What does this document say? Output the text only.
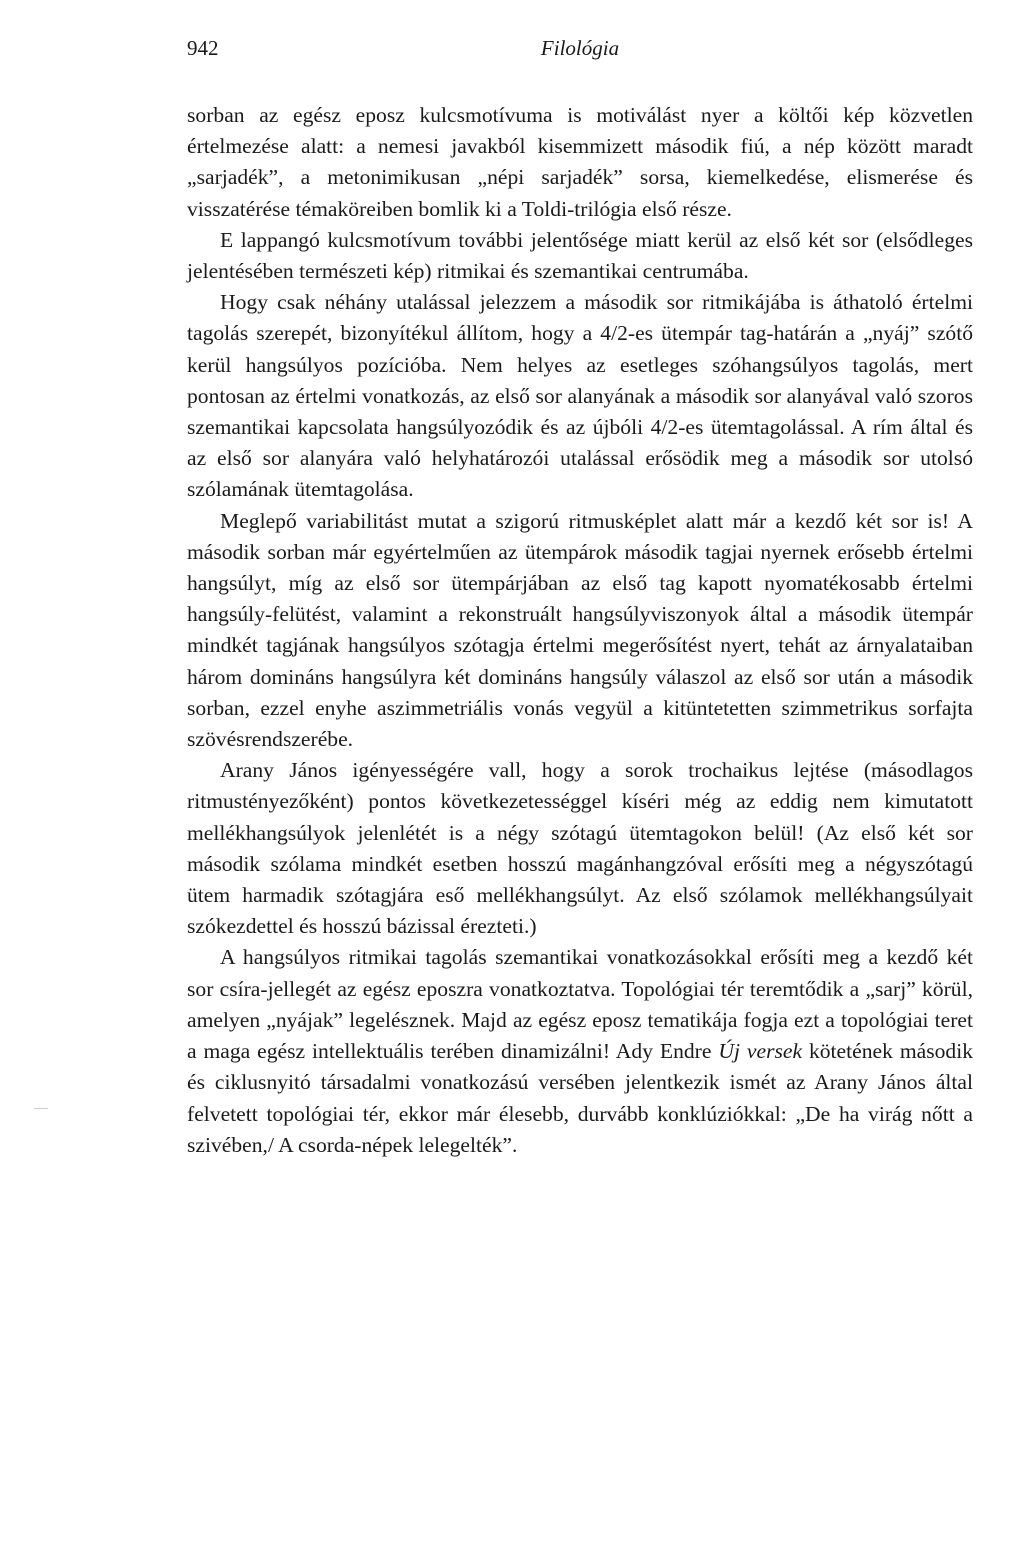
942	Filológia

sorban az egész eposz kulcsmotívuma is motiválást nyer a költői kép közvetlen értelmezése alatt: a nemesi javakból kisemmizett második fiú, a nép között maradt „sarjadék”, a metonimikusan „népi sarjadék” sorsa, kiemelkedése, elismerése és visszatérése témaköreiben bomlik ki a Toldi-trilógia első része.

E lappangó kulcsmotívum további jelentősége miatt kerül az első két sor (elsődleges jelentésében természeti kép) ritmikai és szemantikai centrumába.

Hogy csak néhány utalással jelezzem a második sor ritmikájába is áthatoló értelmi tagolás szerepét, bizonyítékul állítom, hogy a 4/2-es ütempár tag-határán a „nyáj” szótő kerül hangsúlyos pozícióba. Nem helyes az esetleges szóhangsúlyos tagolás, mert pontosan az értelmi vonatkozás, az első sor alanyának a második sor alanyával való szoros szemantikai kapcsolata hangsúlyozódik és az újbóli 4/2-es ütemtagolással. A rím által és az első sor alanyára való helyhatározói utalással erősödik meg a második sor utolsó szólamának ütemtagolása.

Meglepő variabilitást mutat a szigorú ritmusképlet alatt már a kezdő két sor is! A második sorban már egyértelműen az ütempárok második tagjai nyernek erősebb értelmi hangsúlyt, míg az első sor ütempárjában az első tag kapott nyomatékosabb értelmi hangsúly-felütést, valamint a rekonstruált hangsúlyviszonyok által a második ütempár mindkét tagjának hangsúlyos szótagja értelmi megerősítést nyert, tehát az árnyalataiban három domináns hangsúlyra két domináns hangsúly válaszol az első sor után a második sorban, ezzel enyhe aszimmetriális vonás vegyül a kitüntetetten szimmetrikus sorfajta szövésrendszerébe.

Arany János igényességére vall, hogy a sorok trochaikus lejtése (másodlagos ritmustényezőként) pontos következetességgel kíséri még az eddig nem kimutatott mellékhangsúlyok jelenlétét is a négy szótagú ütemtagokon belül! (Az első két sor második szólama mindkét esetben hosszú magánhangzóval erősíti meg a négyszótagú ütem harmadik szótagjára eső mellékhangsúlyt. Az első szólamok mellékhangsúlyait szókezdettel és hosszú bázissal érezteti.)

A hangsúlyos ritmikai tagolás szemantikai vonatkozásokkal erősíti meg a kezdő két sor csíra-jellegét az egész eposzra vonatkoztatva. Topológiai tér teremtődik a „sarj” körül, amelyen „nyájak” legelésznek. Majd az egész eposz tematikája fogja ezt a topológiai teret a maga egész intellektuális terében dinamizálni! Ady Endre Új versek kötetének második és ciklusnyitó társadalmi vonatkozású versében jelentkezik ismét az Arany János által felvetett topológiai tér, ekkor már élesebb, durvább konklúziókkal: „De ha virág nőtt a szivében,/ A csorda-népek lelegelték”.
